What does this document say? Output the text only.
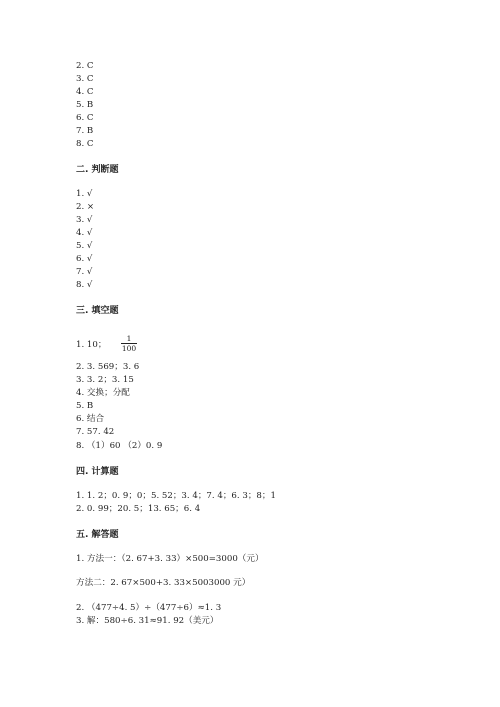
2. C
3. C
4. C
5. B
6. C
7. B
8. C
二. 判断题
1. √
2. ×
3. √
4. √
5. √
6. √
7. √
8. √
三. 填空题
1. 10； $\frac{1}{100}$
2. 3. 569；3. 6
3. 3. 2；3. 15
4. 交换；分配
5. B
6. 结合
7. 57. 42
8. （1）60 （2）0. 9
四. 计算题
1. 1. 2；0. 9；0；5. 52；3. 4；7. 4；6. 3；8；1
2. 0. 99；20. 5；13. 65；6. 4
五. 解答题
1. 方法一：（2. 67+3. 33）×500=3000（元）
方法二：2. 67×500+3. 33×5003000 元）
2. （477÷4. 5）÷（477÷6）≈1. 3
3. 解：580÷6. 31≈91. 92（美元）
